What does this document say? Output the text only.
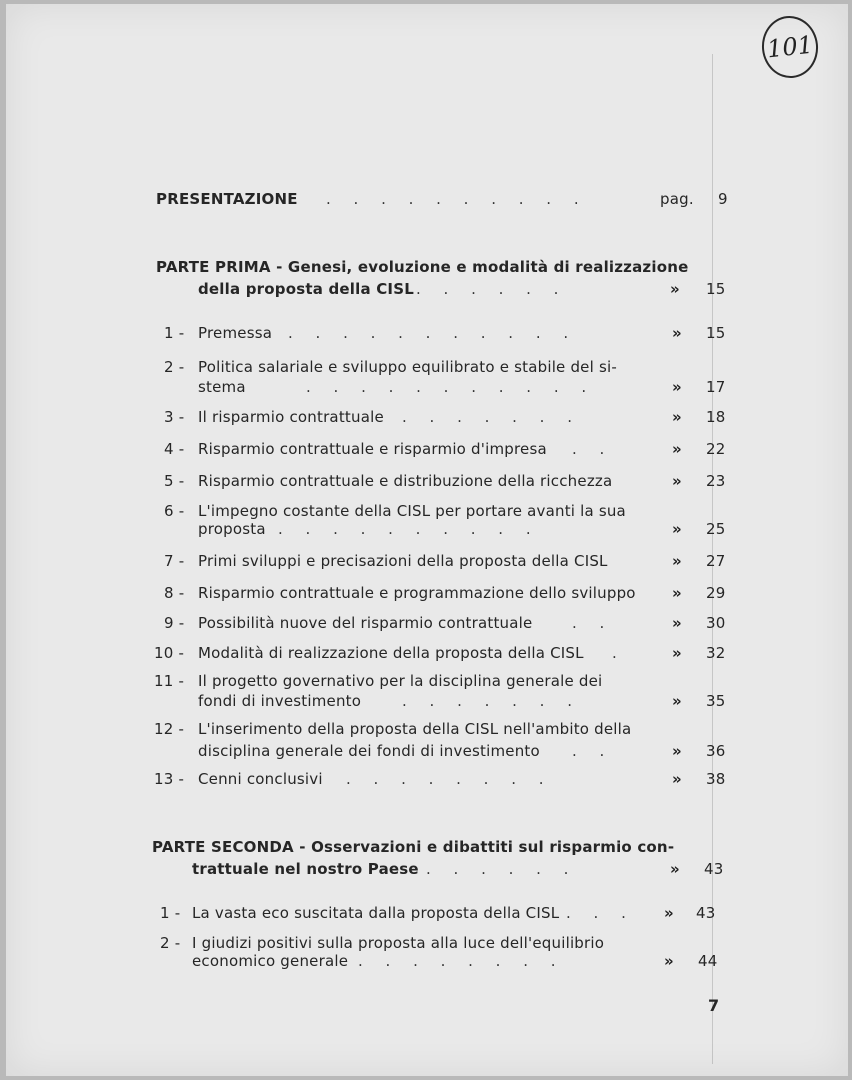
101
PRESENTAZIONE . . . . . . . . . .	pag. 9
PARTE PRIMA - Genesi, evoluzione e modalità di realizzazione
della proposta della CISL . . . . . .	» 15
1 - Premessa . . . . . . . . . . .	» 15
2 - Politica salariale e sviluppo equilibrato e stabile del si-
stema	. . . . . . . . . . .	» 17
3 - Il risparmio contrattuale . . . . . . .	» 18
4 - Risparmio contrattuale e risparmio d'impresa . .	» 22
5 - Risparmio contrattuale e distribuzione della ricchezza	» 23
6 - L'impegno costante della CISL per portare avanti la sua
proposta . . . . . . . . . .	» 25
7 - Primi sviluppi e precisazioni della proposta della CISL	» 27
8 - Risparmio contrattuale e programmazione dello sviluppo » 29
9 - Possibilità nuove del risparmio contrattuale	. .	» 30
10 - Modalità di realizzazione della proposta della CISL .	» 32
11 - Il progetto governativo per la disciplina generale dei
fondi di investimento	. . . . . . .	» 35
12 - L'inserimento della proposta della CISL nell'ambito della
disciplina generale dei fondi di investimento . .	» 36
13 - Cenni conclusivi . . . . . . . .	» 38
PARTE SECONDA - Osservazioni e dibattiti sul risparmio con-
trattuale nel nostro Paese . . . . . .	» 43
1 - La vasta eco suscitata dalla proposta della CISL . . . » 43
2 - I giudizi positivi sulla proposta alla luce dell'equilibrio
economico generale . . . . . . . .	» 44
7
